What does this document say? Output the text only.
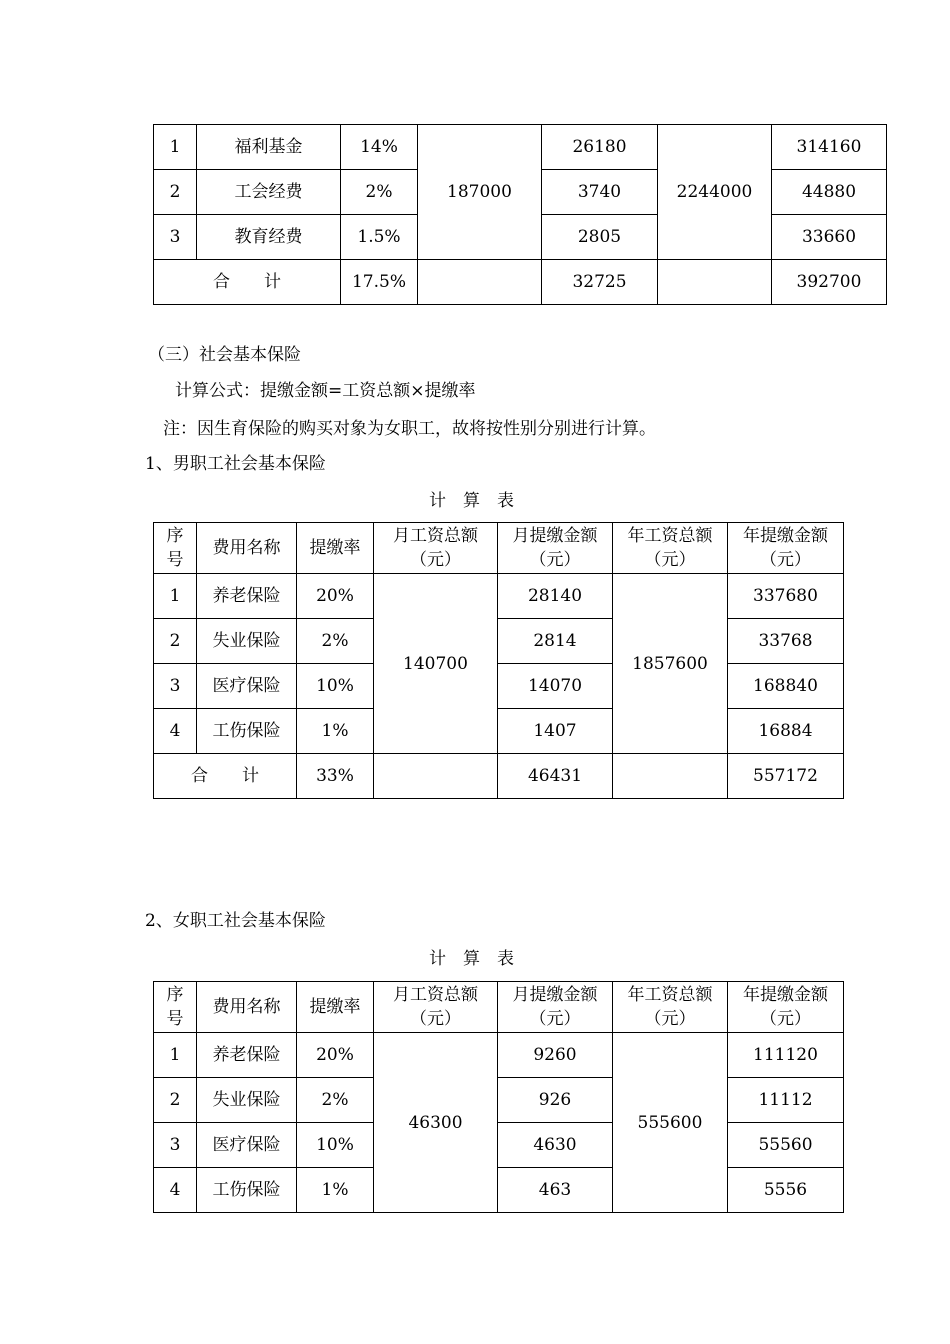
1	福利基金	14%	187000	26180	2244000	314160
2	工会经费	2%		3740		44880
3	教育经费	1.5%		2805		33660
合　　计		17.5%		32725		392700
（三）社会基本保险
计算公式：提缴金额=工资总额×提缴率
注：因生育保险的购买对象为女职工，故将按性别分别进行计算。
1、男职工社会基本保险
计　算　表
序号	费用名称	提缴率	月工资总额（元）	月提缴金额（元）	年工资总额（元）	年提缴金额（元）

1	养老保险	20%	140700	28140	1857600	337680
2	失业保险	2%		2814		33768
3	医疗保险	10%		14070		168840
4	工伤保险	1%		1407		16884
合　　计		33%		46431		557172
2、女职工社会基本保险
计　算　表
序号	费用名称	提缴率	月工资总额（元）	月提缴金额（元）	年工资总额（元）	年提缴金额（元）

1	养老保险	20%	46300	9260	555600	111120
2	失业保险	2%		926		11112
3	医疗保险	10%		4630		55560
4	工伤保险	1%		463		5556
